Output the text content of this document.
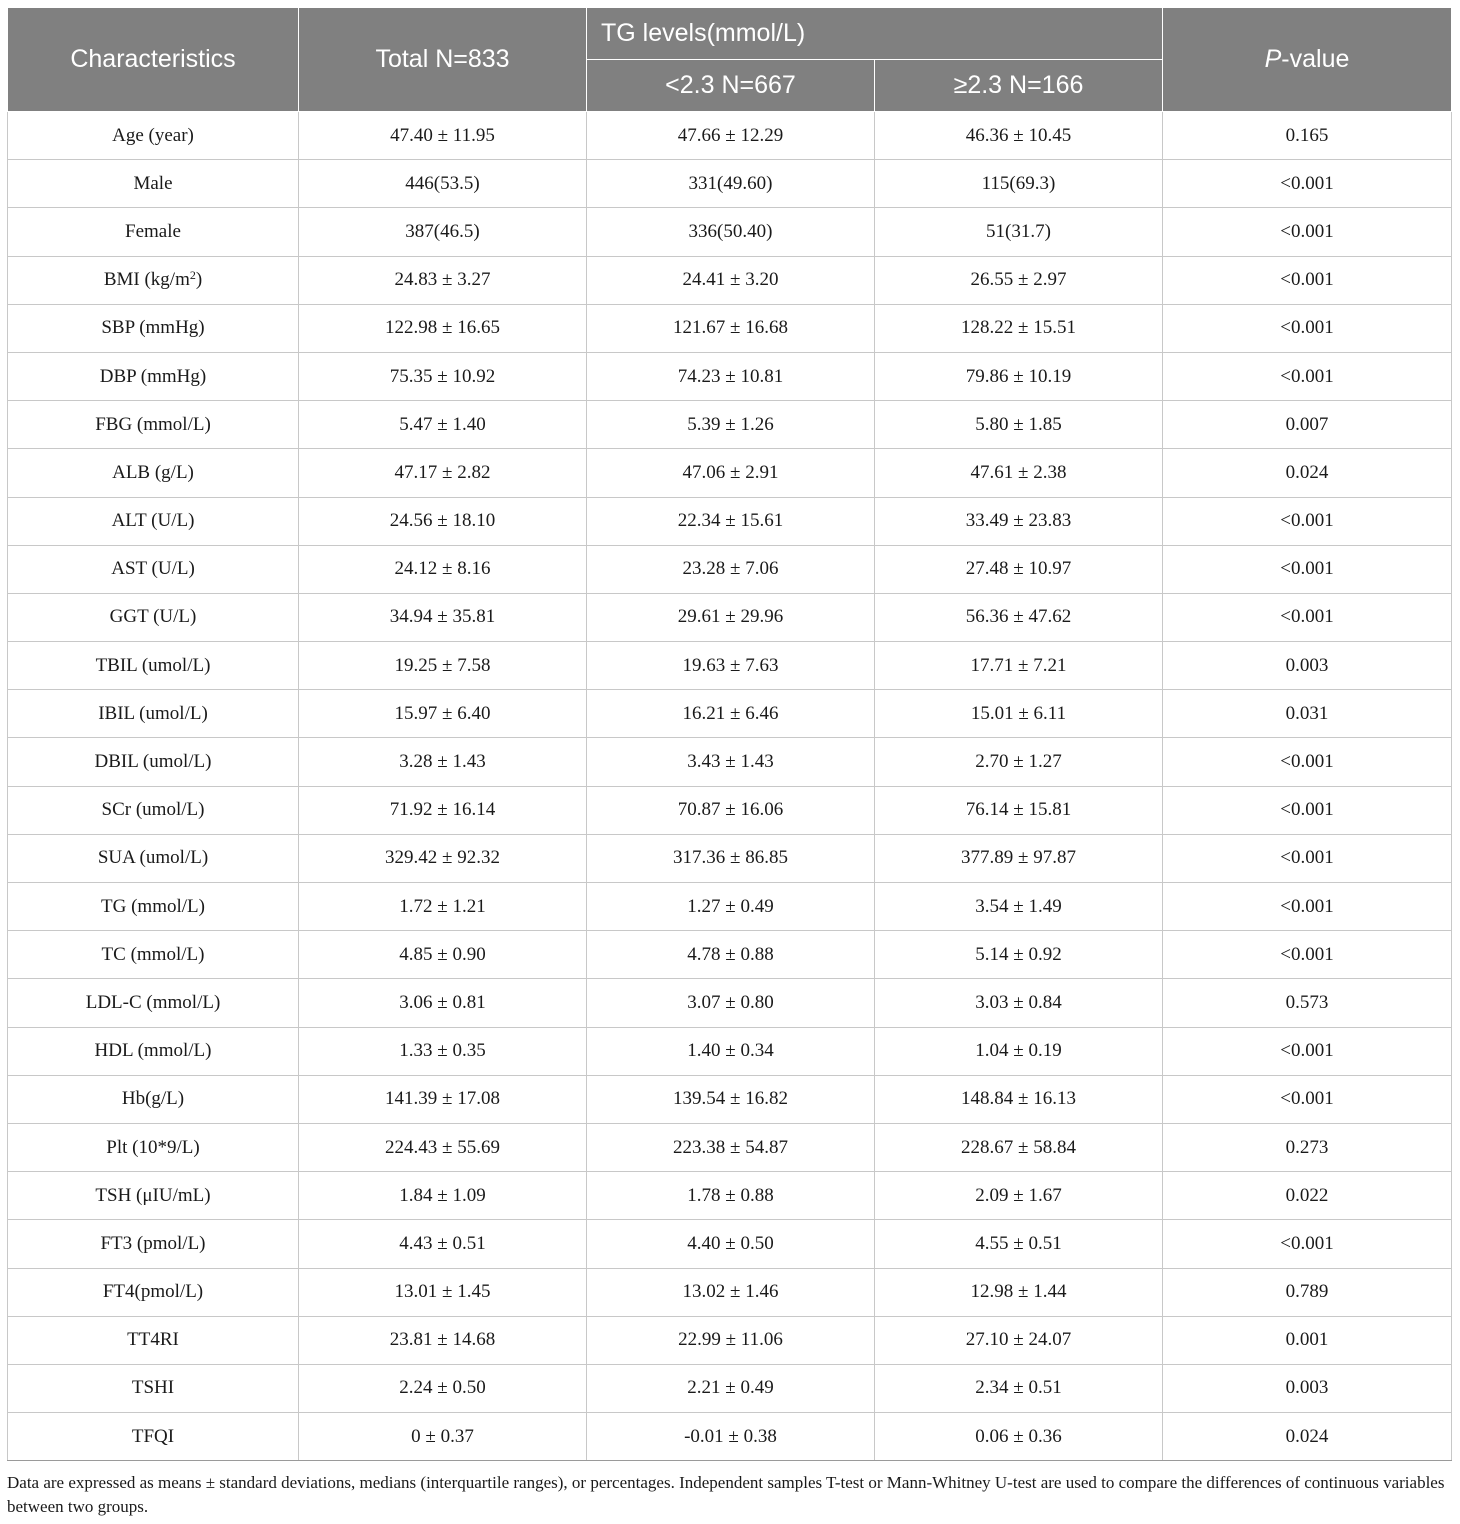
Characteristics	Total N=833	TG levels(mmol/L)		P-value
		<2.3 N=667	≥2.3 N=166	
Age (year)	47.40 ± 11.95	47.66 ± 12.29	46.36 ± 10.45	0.165
Male	446(53.5)	331(49.60)	115(69.3)	<0.001
Female	387(46.5)	336(50.40)	51(31.7)	<0.001
BMI $(kg/m^2)$	24.83 ± 3.27	24.41 ± 3.20	26.55 ± 2.97	<0.001
SBP (mmHg)	122.98 ± 16.65	121.67 ± 16.68	128.22 ± 15.51	<0.001
DBP (mmHg)	75.35 ± 10.92	74.23 ± 10.81	79.86 ± 10.19	<0.001
FBG (mmol/L)	5.47 ± 1.40	5.39 ± 1.26	5.80 ± 1.85	0.007
ALB (g/L)	47.17 ± 2.82	47.06 ± 2.91	47.61 ± 2.38	0.024
ALT (U/L)	24.56 ± 18.10	22.34 ± 15.61	33.49 ± 23.83	<0.001
AST (U/L)	24.12 ± 8.16	23.28 ± 7.06	27.48 ± 10.97	<0.001
GGT (U/L)	34.94 ± 35.81	29.61 ± 29.96	56.36 ± 47.62	<0.001
TBIL (umol/L)	19.25 ± 7.58	19.63 ± 7.63	17.71 ± 7.21	0.003
IBIL (umol/L)	15.97 ± 6.40	16.21 ± 6.46	15.01 ± 6.11	0.031
DBIL (umol/L)	3.28 ± 1.43	3.43 ± 1.43	2.70 ± 1.27	<0.001
SCr (umol/L)	71.92 ± 16.14	70.87 ± 16.06	76.14 ± 15.81	<0.001
SUA (umol/L)	329.42 ± 92.32	317.36 ± 86.85	377.89 ± 97.87	<0.001
TG (mmol/L)	1.72 ± 1.21	1.27 ± 0.49	3.54 ± 1.49	<0.001
TC (mmol/L)	4.85 ± 0.90	4.78 ± 0.88	5.14 ± 0.92	<0.001
LDL-C (mmol/L)	3.06 ± 0.81	3.07 ± 0.80	3.03 ± 0.84	0.573
HDL (mmol/L)	1.33 ± 0.35	1.40 ± 0.34	1.04 ± 0.19	<0.001
Hb(g/L)	141.39 ± 17.08	139.54 ± 16.82	148.84 ± 16.13	<0.001
Plt (10*9/L)	224.43 ± 55.69	223.38 ± 54.87	228.67 ± 58.84	0.273
TSH (μIU/mL)	1.84 ± 1.09	1.78 ± 0.88	2.09 ± 1.67	0.022
FT3 (pmol/L)	4.43 ± 0.51	4.40 ± 0.50	4.55 ± 0.51	<0.001
FT4(pmol/L)	13.01 ± 1.45	13.02 ± 1.46	12.98 ± 1.44	0.789
TT4RI	23.81 ± 14.68	22.99 ± 11.06	27.10 ± 24.07	0.001
TSHI	2.24 ± 0.50	2.21 ± 0.49	2.34 ± 0.51	0.003
TFQI	0 ± 0.37	-0.01 ± 0.38	0.06 ± 0.36	0.024
Data are expressed as means ± standard deviations, medians (interquartile ranges), or percentages. Independent samples T-test or Mann-Whitney U-test are used to compare the differences of continuous variables between two groups.
